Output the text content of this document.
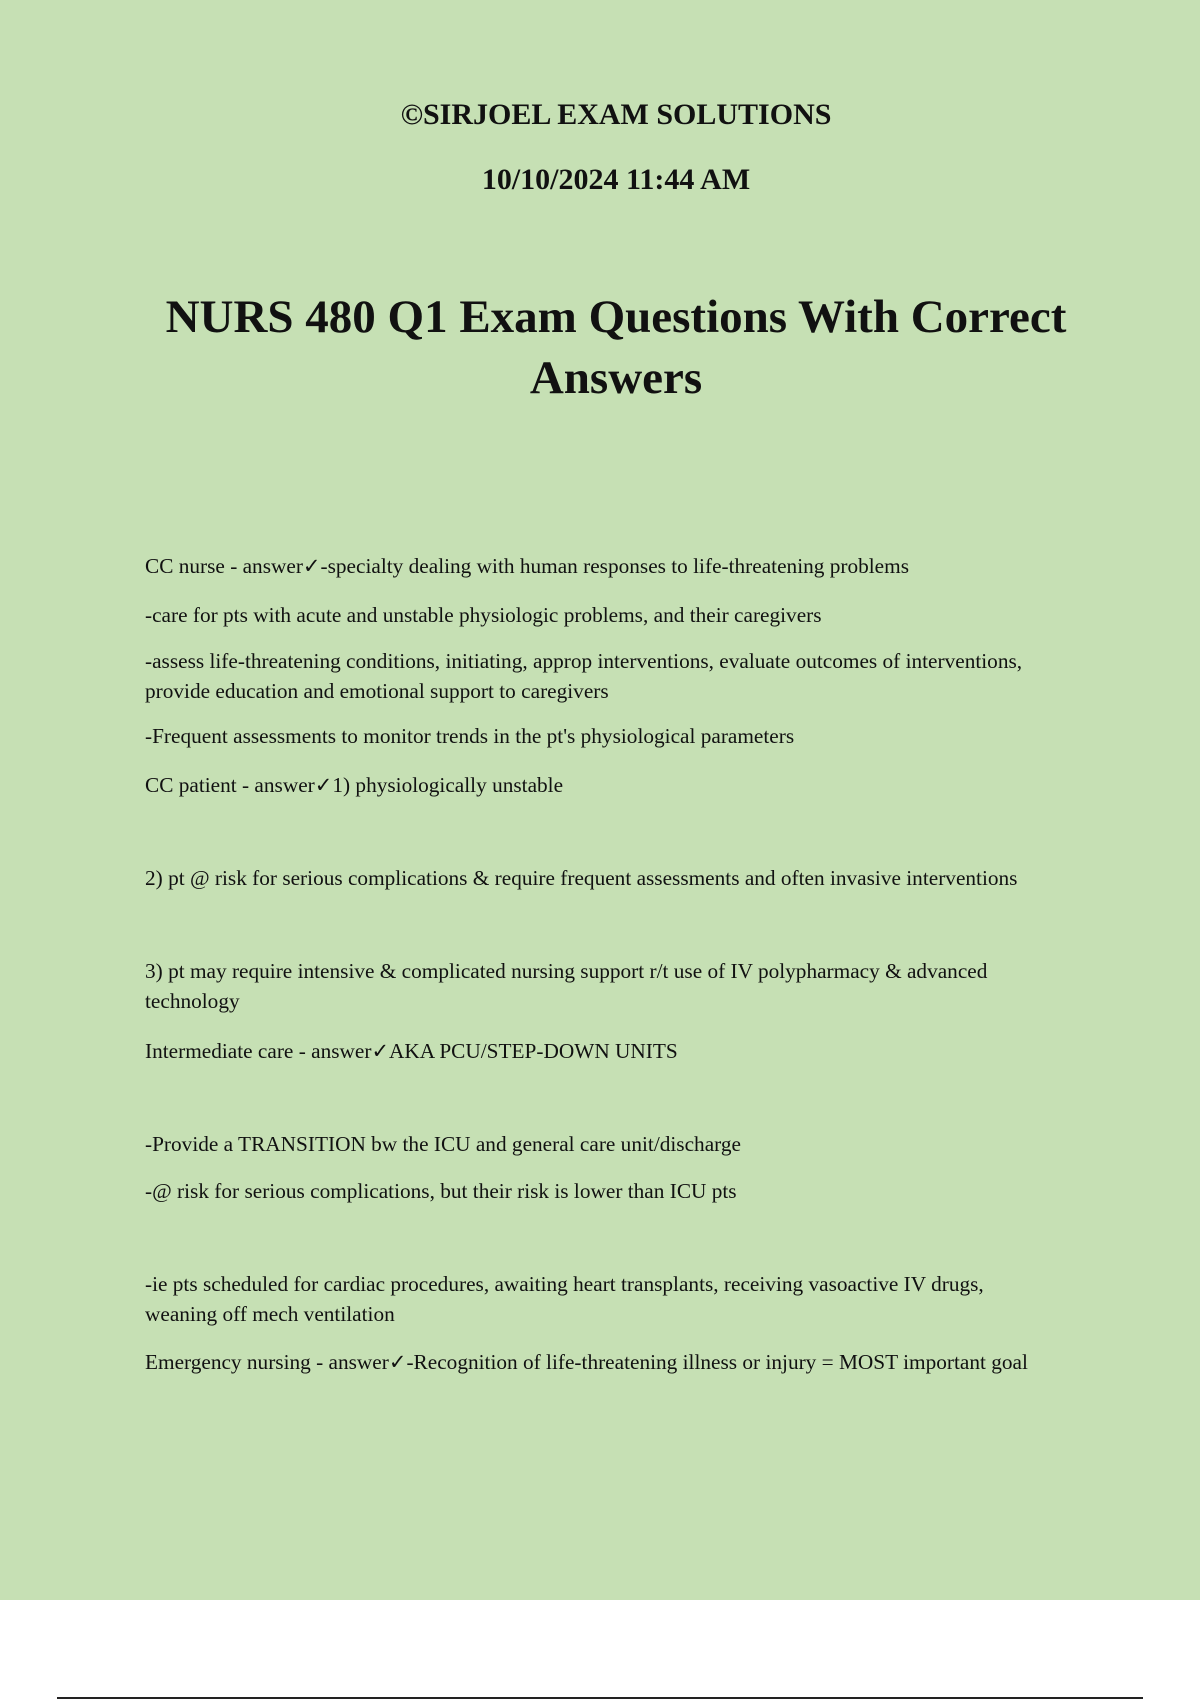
©SIRJOEL EXAM SOLUTIONS
10/10/2024 11:44 AM
NURS 480 Q1 Exam Questions With Correct Answers

CC nurse - answer✓-specialty dealing with human responses to life-threatening problems

-care for pts with acute and unstable physiologic problems, and their caregivers

-assess life-threatening conditions, initiating, approp interventions, evaluate outcomes of interventions, provide education and emotional support to caregivers

-Frequent assessments to monitor trends in the pt's physiological parameters

CC patient - answer✓1) physiologically unstable

2) pt @ risk for serious complications & require frequent assessments and often invasive interventions

3) pt may require intensive & complicated nursing support r/t use of IV polypharmacy & advanced technology

Intermediate care - answer✓AKA PCU/STEP-DOWN UNITS

-Provide a TRANSITION bw the ICU and general care unit/discharge

-@ risk for serious complications, but their risk is lower than ICU pts

-ie pts scheduled for cardiac procedures, awaiting heart transplants, receiving vasoactive IV drugs, weaning off mech ventilation

Emergency nursing - answer✓-Recognition of life-threatening illness or injury = MOST important goal
